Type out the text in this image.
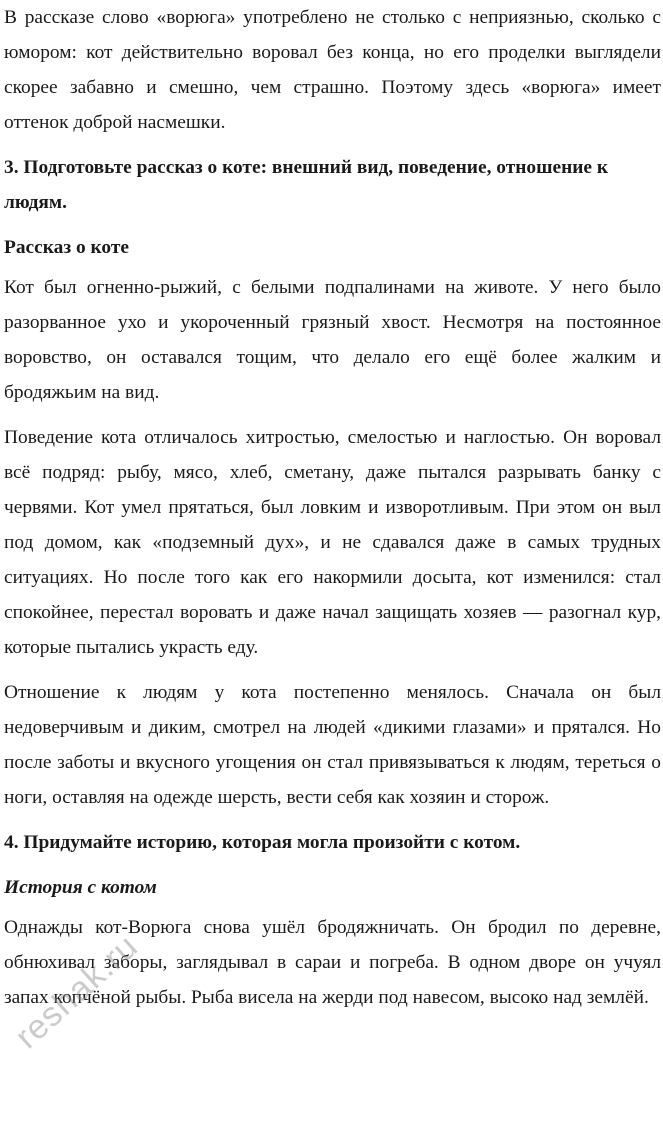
В рассказе слово «ворюга» употреблено не столько с неприязнью, сколько с юмором: кот действительно воровал без конца, но его проделки выглядели скорее забавно и смешно, чем страшно. Поэтому здесь «ворюга» имеет оттенок доброй насмешки.

3. Подготовьте рассказ о коте: внешний вид, поведение, отношение к людям.
Рассказ о коте

Кот был огненно-рыжий, с белыми подпалинами на животе. У него было разорванное ухо и укороченный грязный хвост. Несмотря на постоянное воровство, он оставался тощим, что делало его ещё более жалким и бродяжьим на вид.

Поведение кота отличалось хитростью, смелостью и наглостью. Он воровал всё подряд: рыбу, мясо, хлеб, сметану, даже пытался разрывать банку с червями. Кот умел прятаться, был ловким и изворотливым. При этом он выл под домом, как «подземный дух», и не сдавался даже в самых трудных ситуациях. Но после того как его накормили досыта, кот изменился: стал спокойнее, перестал воровать и даже начал защищать хозяев — разогнал кур, которые пытались украсть еду.

Отношение к людям у кота постепенно менялось. Сначала он был недоверчивым и диким, смотрел на людей «дикими глазами» и прятался. Но после заботы и вкусного угощения он стал привязываться к людям, тереться о ноги, оставляя на одежде шерсть, вести себя как хозяин и сторож.

4. Придумайте историю, которая могла произойти с котом.
История с котом

Однажды кот-Ворюга снова ушёл бродяжничать. Он бродил по деревне, обнюхивал заборы, заглядывал в сараи и погреба. В одном дворе он учуял запах копчёной рыбы. Рыба висела на жерди под навесом, высоко над землёй.

reshak.ru
